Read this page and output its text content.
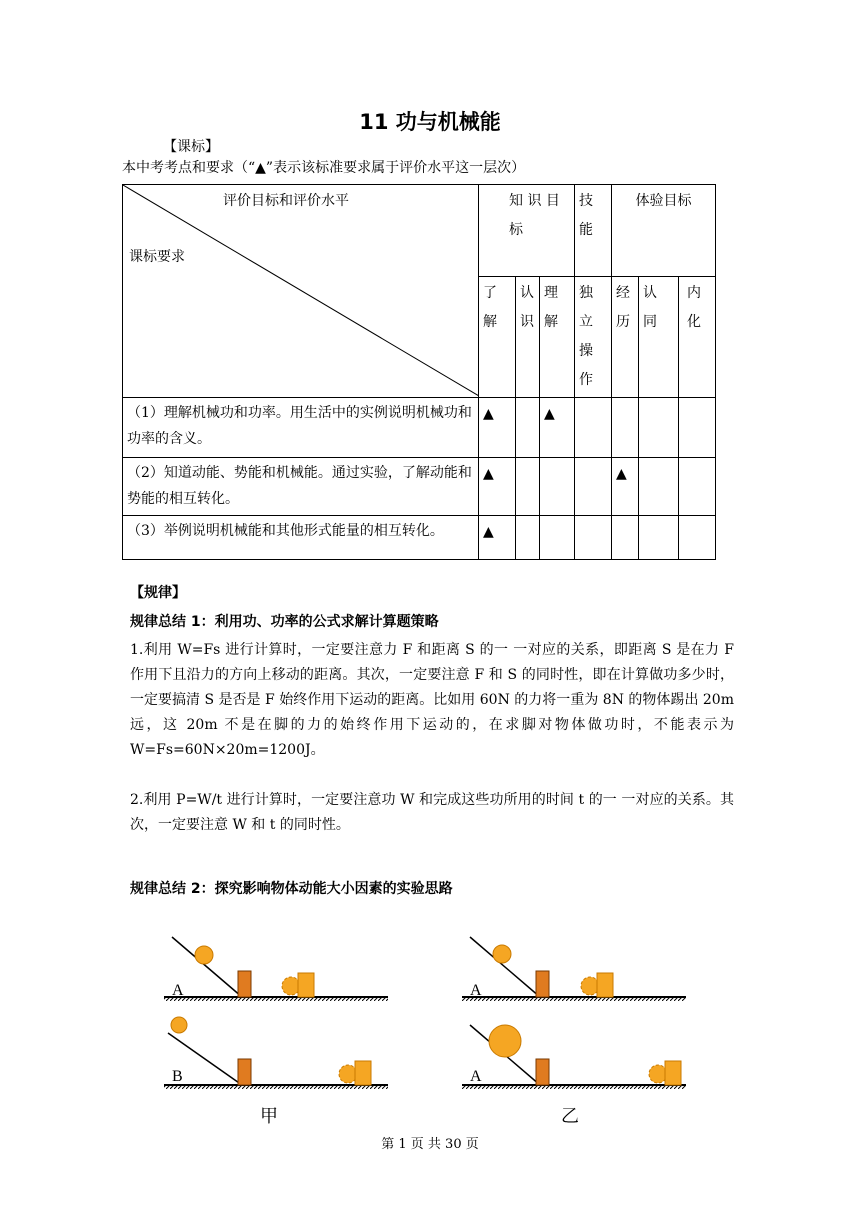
11 功与机械能
【课标】
本中考考点和要求（“▲”表示该标准要求属于评价水平这一层次）
评价目标和评价水平
课标要求	知 识 目 标			技 能	体验目标		
	了解	认识	理解	独立操作	经历	认同	内化
（1）理解机械功和功率。用生活中的实例说明机械功和功率的含义。	▲		▲				
（2）知道动能、势能和机械能。通过实验，了解动能和势能的相互转化。	▲				▲		
（3）举例说明机械能和其他形式能量的相互转化。	▲						
【规律】
规律总结 1：利用功、功率的公式求解计算题策略
1.利用 W=Fs 进行计算时，一定要注意力 F 和距离 S 的一 一对应的关系，即距离 S 是在力 F 作用下且沿力的方向上移动的距离。其次，一定要注意 F 和 S 的同时性，即在计算做功多少时，一定要搞清 S 是否是 F 始终作用下运动的距离。比如用 60N 的力将一重为 8N 的物体踢出 20m 远，这 20m 不是在脚的力的始终作用下运动的，在求脚对物体做功时，不能表示为 W=Fs=60N×20m=1200J。
2.利用 P=W/t 进行计算时，一定要注意功 W 和完成这些功所用的时间 t 的一 一对应的关系。其次，一定要注意 W 和 t 的同时性。
规律总结 2：探究影响物体动能大小因素的实验思路
A
B
A
A
甲	乙
第 1 页 共 30 页
